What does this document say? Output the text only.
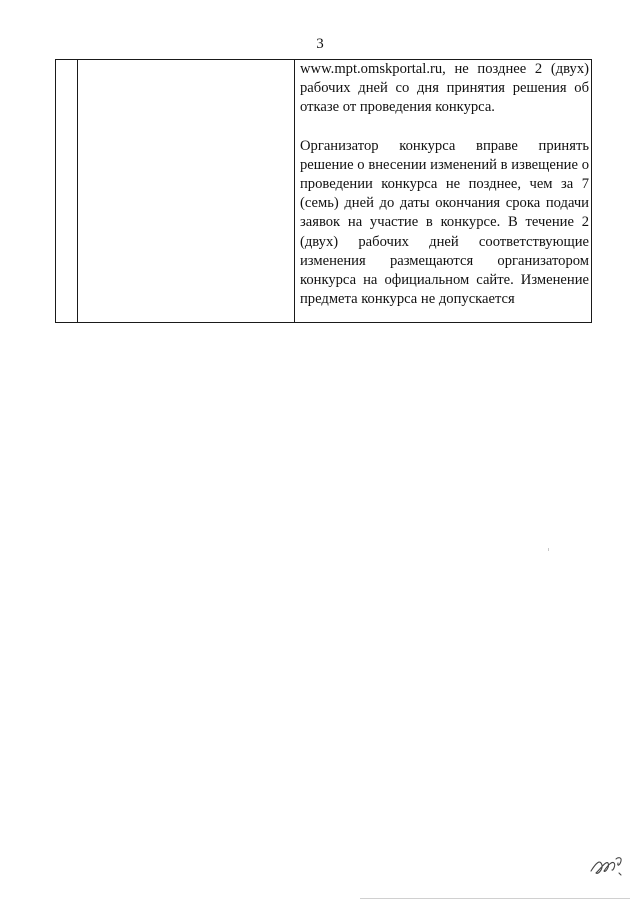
3

www.mpt.omskportal.ru, не позднее 2 (двух) рабочих дней со дня принятия решения об отказе от проведения конкурса.

Организатор конкурса вправе принять решение о внесении изменений в извещение о проведении конкурса не позднее, чем за 7 (семь) дней до даты окончания срока подачи заявок на участие в конкурсе. В течение 2 (двух) рабочих дней соответствующие изменения размещаются организатором конкурса на официальном сайте. Изменение предмета конкурса не допускается
